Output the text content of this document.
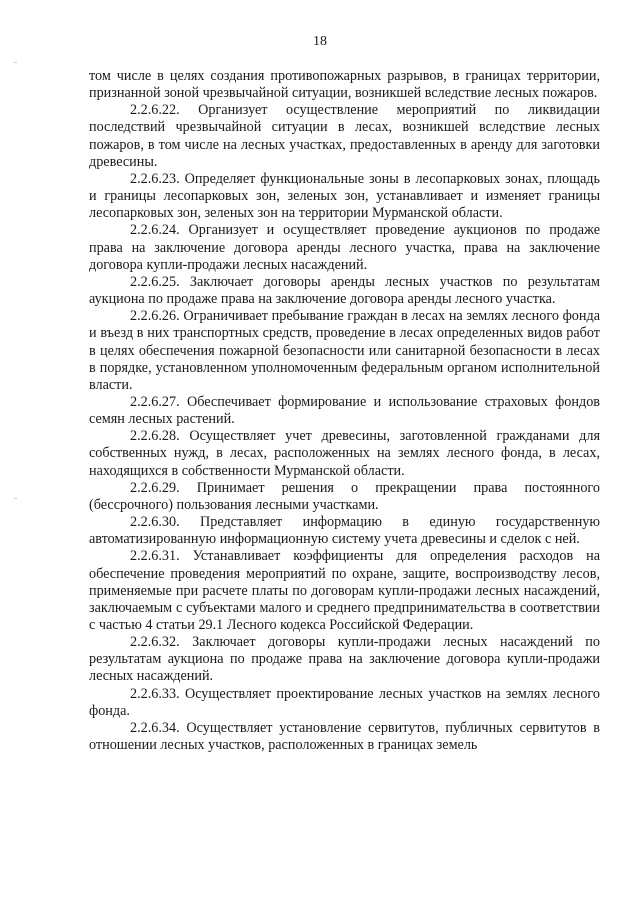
18

том числе в целях создания противопожарных разрывов, в границах территории, признанной зоной чрезвычайной ситуации, возникшей вследствие лесных пожаров.

2.2.6.22. Организует осуществление мероприятий по ликвидации последствий чрезвычайной ситуации в лесах, возникшей вследствие лесных пожаров, в том числе на лесных участках, предоставленных в аренду для заготовки древесины.

2.2.6.23. Определяет функциональные зоны в лесопарковых зонах, площадь и границы лесопарковых зон, зеленых зон, устанавливает и изменяет границы лесопарковых зон, зеленых зон на территории Мурманской области.

2.2.6.24. Организует и осуществляет проведение аукционов по продаже права на заключение договора аренды лесного участка, права на заключение договора купли-продажи лесных насаждений.

2.2.6.25. Заключает договоры аренды лесных участков по результатам аукциона по продаже права на заключение договора аренды лесного участка.

2.2.6.26. Ограничивает пребывание граждан в лесах на землях лесного фонда и въезд в них транспортных средств, проведение в лесах определенных видов работ в целях обеспечения пожарной безопасности или санитарной безопасности в лесах в порядке, установленном уполномоченным федеральным органом исполнительной власти.

2.2.6.27. Обеспечивает формирование и использование страховых фондов семян лесных растений.

2.2.6.28. Осуществляет учет древесины, заготовленной гражданами для собственных нужд, в лесах, расположенных на землях лесного фонда, в лесах, находящихся в собственности Мурманской области.

2.2.6.29. Принимает решения о прекращении права постоянного (бессрочного) пользования лесными участками.

2.2.6.30. Представляет информацию в единую государственную автоматизированную информационную систему учета древесины и сделок с ней.

2.2.6.31. Устанавливает коэффициенты для определения расходов на обеспечение проведения мероприятий по охране, защите, воспроизводству лесов, применяемые при расчете платы по договорам купли-продажи лесных насаждений, заключаемым с субъектами малого и среднего предпринимательства в соответствии с частью 4 статьи 29.1 Лесного кодекса Российской Федерации.

2.2.6.32. Заключает договоры купли-продажи лесных насаждений по результатам аукциона по продаже права на заключение договора купли-продажи лесных насаждений.

2.2.6.33. Осуществляет проектирование лесных участков на землях лесного фонда.

2.2.6.34. Осуществляет установление сервитутов, публичных сервитутов в отношении лесных участков, расположенных в границах земель
